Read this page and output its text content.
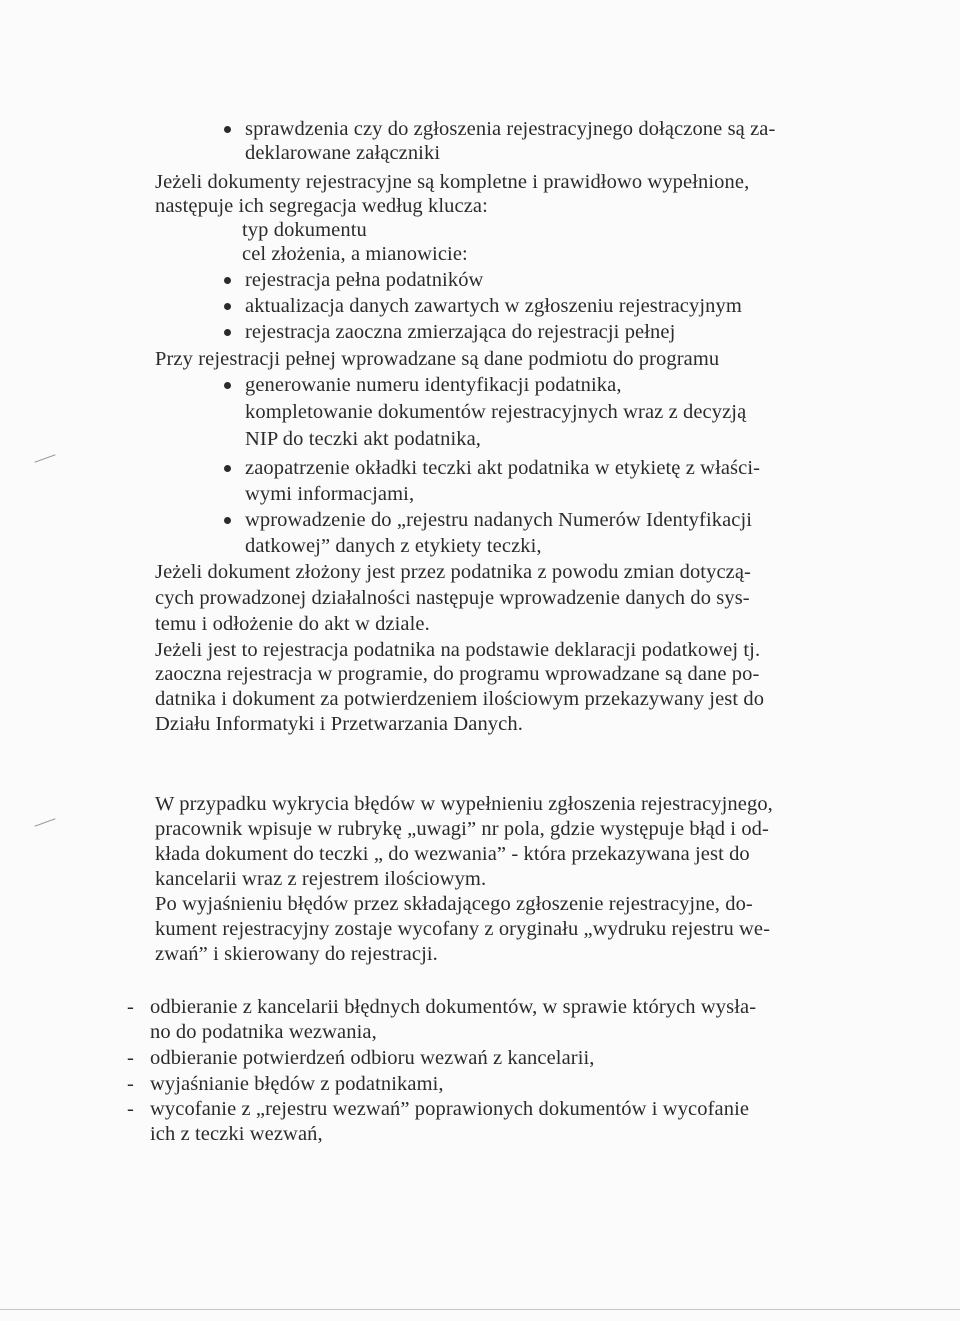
sprawdzenia czy do zgłoszenia rejestracyjnego dołączone są za-
deklarowane załączniki
Jeżeli dokumenty rejestracyjne są kompletne i prawidłowo wypełnione,
następuje ich segregacja według klucza:
typ dokumentu
cel złożenia, a mianowicie:
rejestracja pełna podatników
aktualizacja danych zawartych w zgłoszeniu rejestracyjnym
rejestracja zaoczna zmierzająca do rejestracji pełnej
Przy rejestracji pełnej wprowadzane są dane podmiotu do programu
generowanie numeru identyfikacji podatnika,
kompletowanie dokumentów rejestracyjnych wraz z decyzją
NIP do teczki akt podatnika,
zaopatrzenie okładki teczki akt podatnika w etykietę z właści-
wymi informacjami,
wprowadzenie do „rejestru nadanych Numerów Identyfikacji
datkowej” danych z etykiety teczki,
Jeżeli dokument złożony jest przez podatnika z powodu zmian dotyczą-
cych prowadzonej działalności następuje wprowadzenie danych do sys-
temu i odłożenie do akt w dziale.
Jeżeli jest to rejestracja podatnika na podstawie deklaracji podatkowej tj.
zaoczna rejestracja w programie, do programu wprowadzane są dane po-
datnika i dokument za potwierdzeniem ilościowym przekazywany jest do
Działu Informatyki i Przetwarzania Danych.
W przypadku wykrycia błędów w wypełnieniu zgłoszenia rejestracyjnego,
pracownik wpisuje w rubrykę „uwagi” nr pola, gdzie występuje błąd i od-
kłada dokument do teczki „ do wezwania” - która przekazywana jest do
kancelarii wraz z rejestrem ilościowym.
Po wyjaśnieniu błędów przez składającego zgłoszenie rejestracyjne, do-
kument rejestracyjny zostaje wycofany z oryginału „wydruku rejestru we-
zwań” i skierowany do rejestracji.
- odbieranie z kancelarii błędnych dokumentów, w sprawie których wysła-
no do podatnika wezwania,
- odbieranie potwierdzeń odbioru wezwań z kancelarii,
- wyjaśnianie błędów z podatnikami,
- wycofanie z „rejestru wezwań” poprawionych dokumentów i wycofanie
ich z teczki wezwań,
